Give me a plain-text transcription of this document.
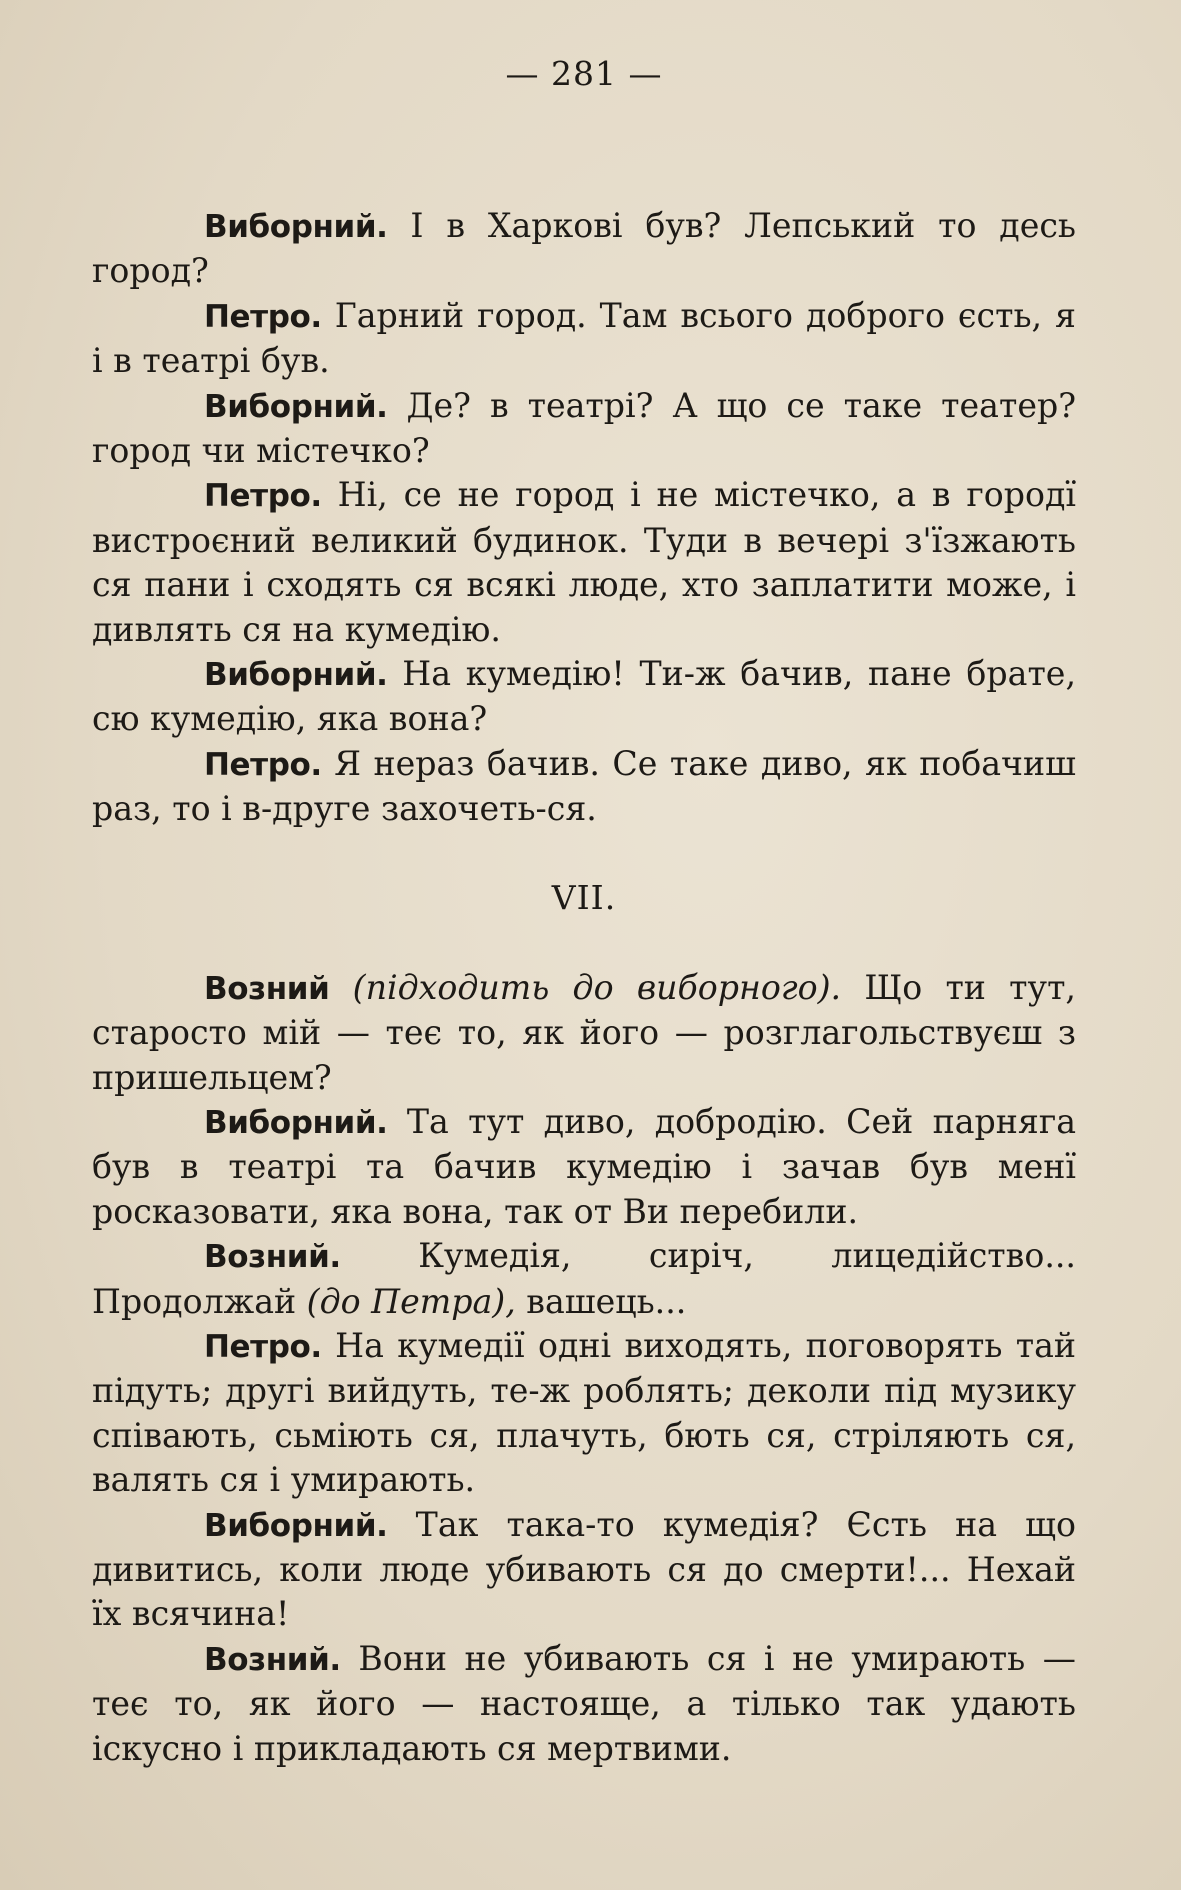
— 281 —

Виборний. І в Харкові був? Лепський то десь город?

Петро. Гарний город. Там всього доброго єсть, я і в театрі був.

Виборний. Де? в театрі? А що се таке театер? город чи містечко?

Петро. Ні, се не город і не містечко, а в городї вистроєний великий будинок. Туди в вечері з'їзжають ся пани і сходять ся всякі люде, хто заплатити може, і дивлять ся на кумедію.

Виборний. На кумедію! Ти-ж бачив, пане брате, сю кумедію, яка вона?

Петро. Я нераз бачив. Се таке диво, як побачиш раз, то і в-друге захочеть-ся.

VII.

Возний (підходить до виборного). Що ти тут, старосто мій — теє то, як його — розглагольствуєш з пришельцем?

Виборний. Та тут диво, добродію. Сей парняга був в театрі та бачив кумедію і зачав був менї росказовати, яка вона, так от Ви перебили.

Возний. Кумедія, сиріч, лицедійство... Продолжай (до Петра), вашець...

Петро. На кумедії одні виходять, поговорять тай підуть; другі вийдуть, те-ж роблять; деколи під музику співають, сьміють ся, плачуть, бють ся, стріляють ся, валять ся і умирають.

Виборний. Так така-то кумедія? Єсть на що дивитись, коли люде убивають ся до смерти!... Нехай їх всячина!

Возний. Вони не убивають ся і не умирають — теє то, як його — настояще, а тілько так удають іскусно і прикладають ся мертвими.
